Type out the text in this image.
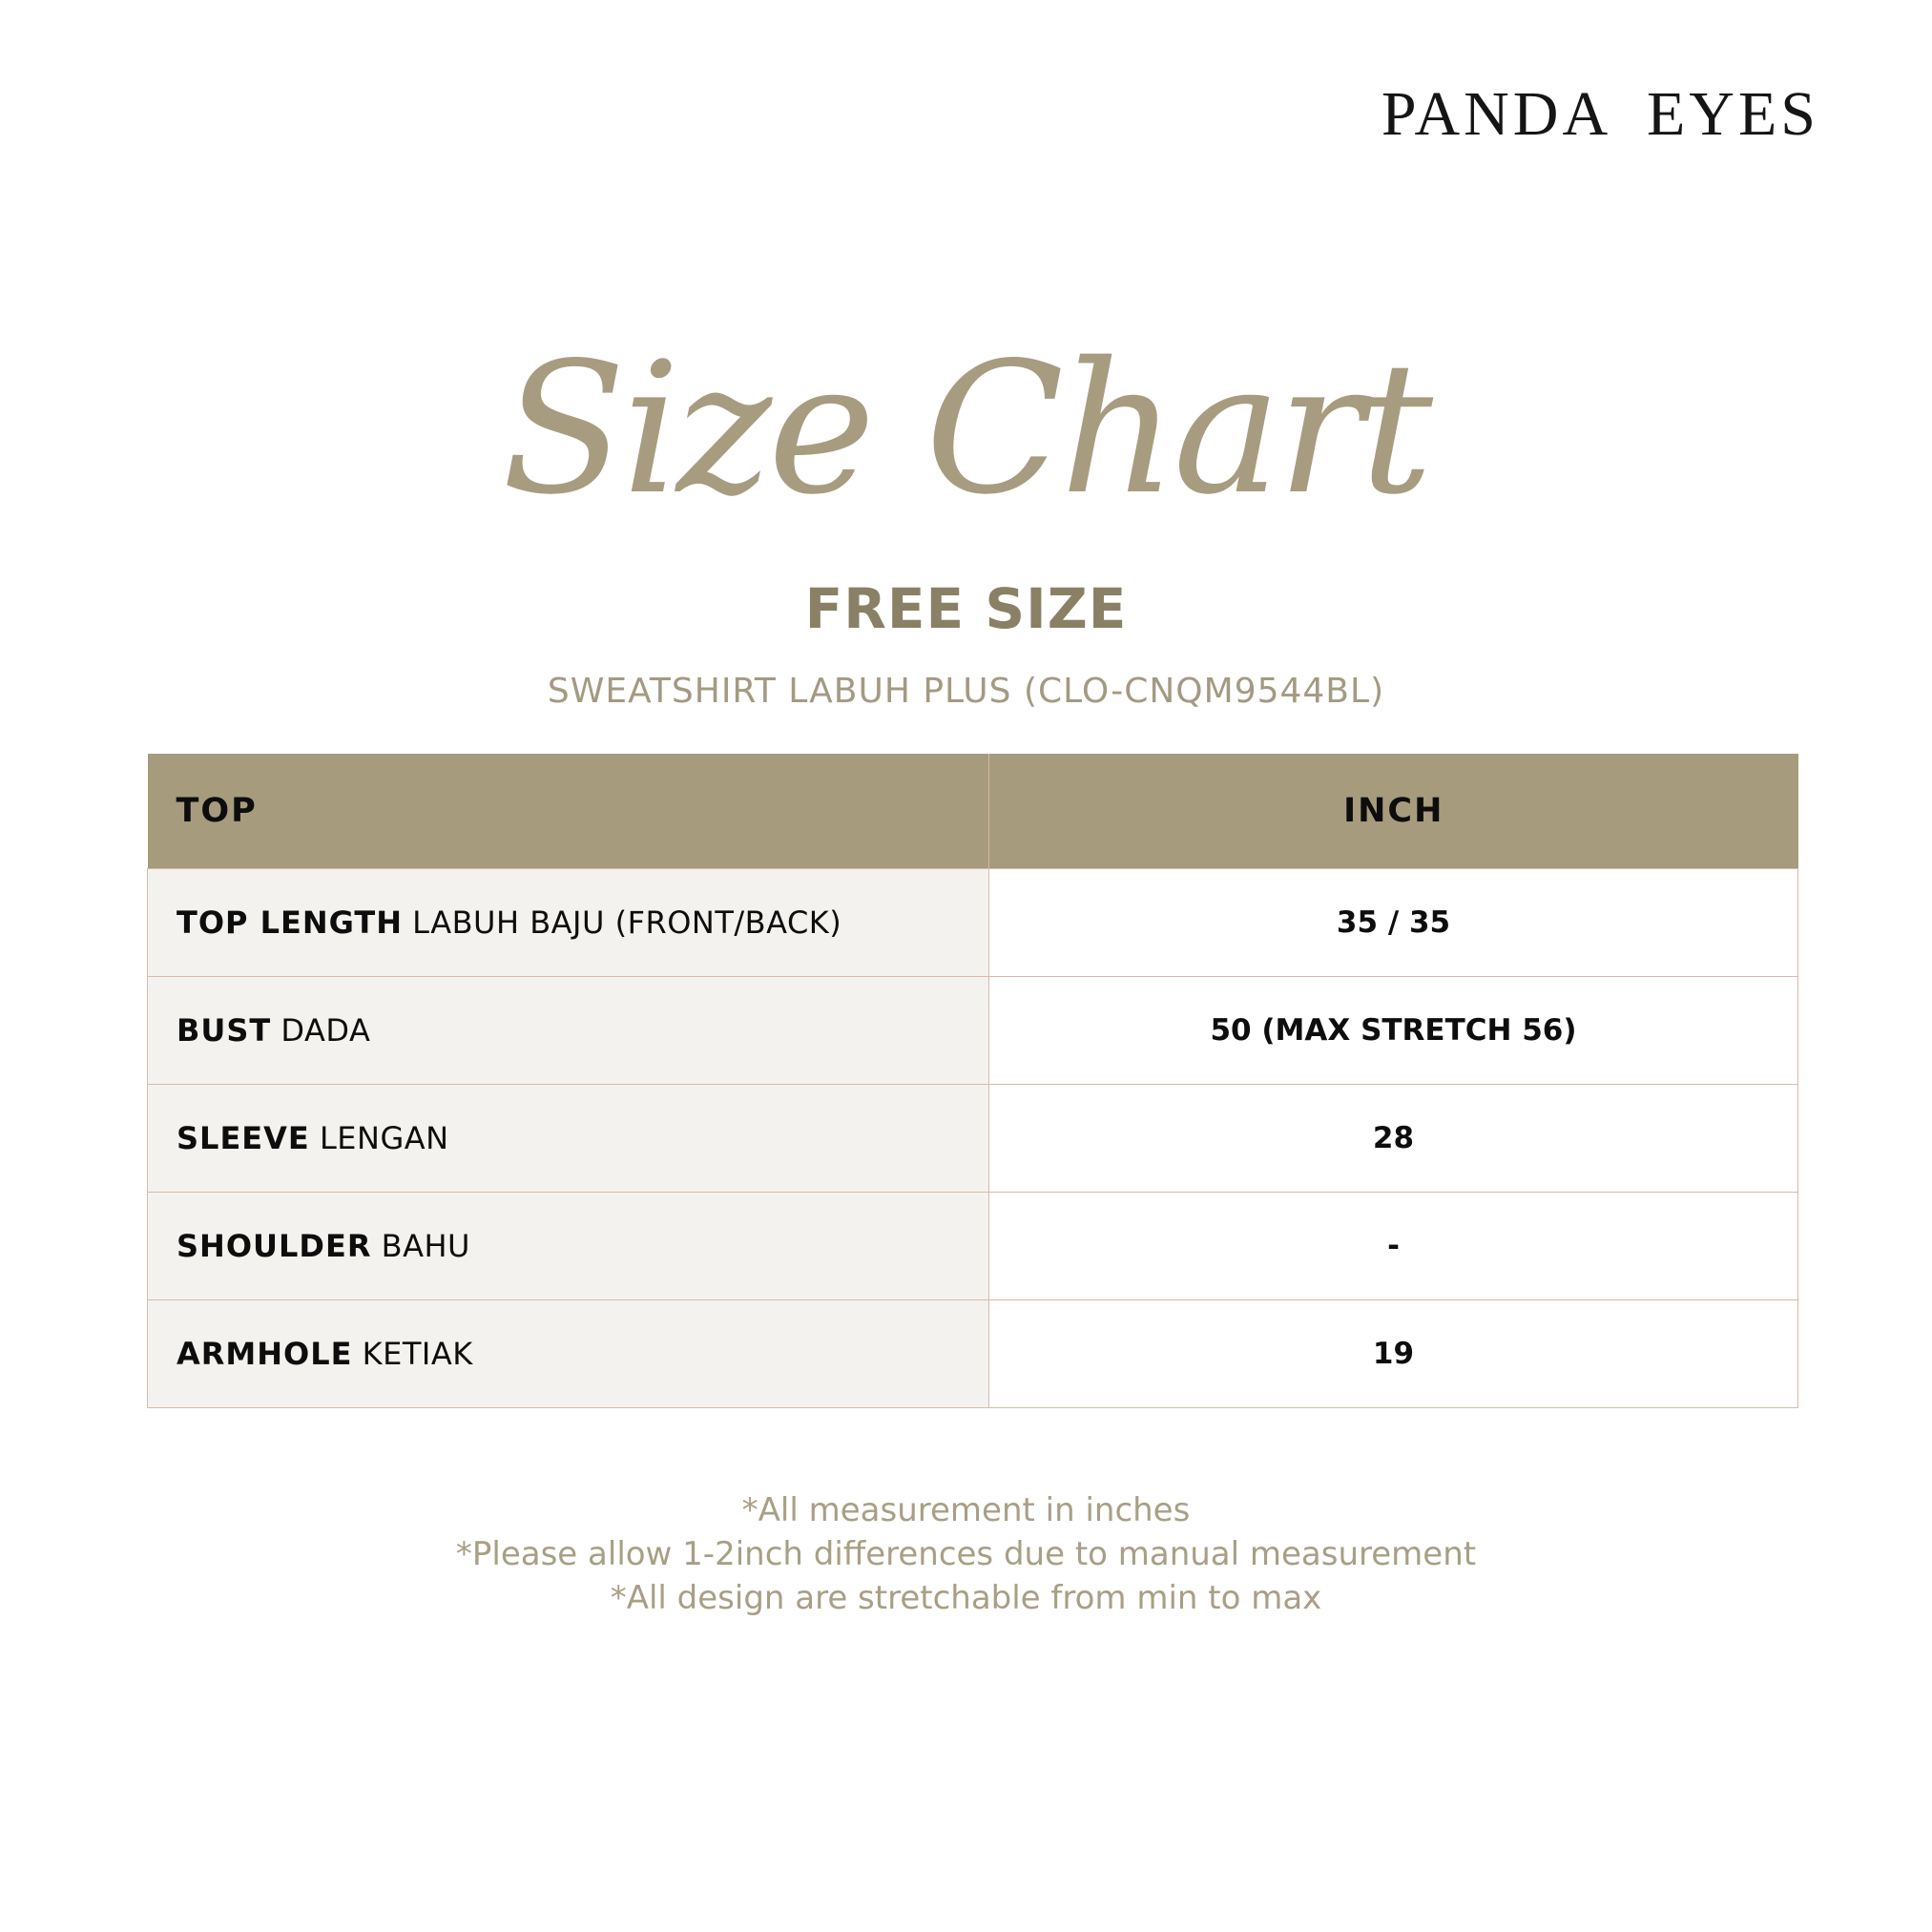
PANDA EYES
Size Chart
FREE SIZE

SWEATSHIRT LABUH PLUS (CLO-CNQM9544BL)

TOP	INCH
TOP LENGTH LABUH BAJU (FRONT/BACK)	35 / 35
BUST DADA	50 (MAX STRETCH 56)
SLEEVE LENGAN	28
SHOULDER BAHU	-
ARMHOLE KETIAK	19
*All measurement in inches
*Please allow 1-2inch differences due to manual measurement
*All design are stretchable from min to max
